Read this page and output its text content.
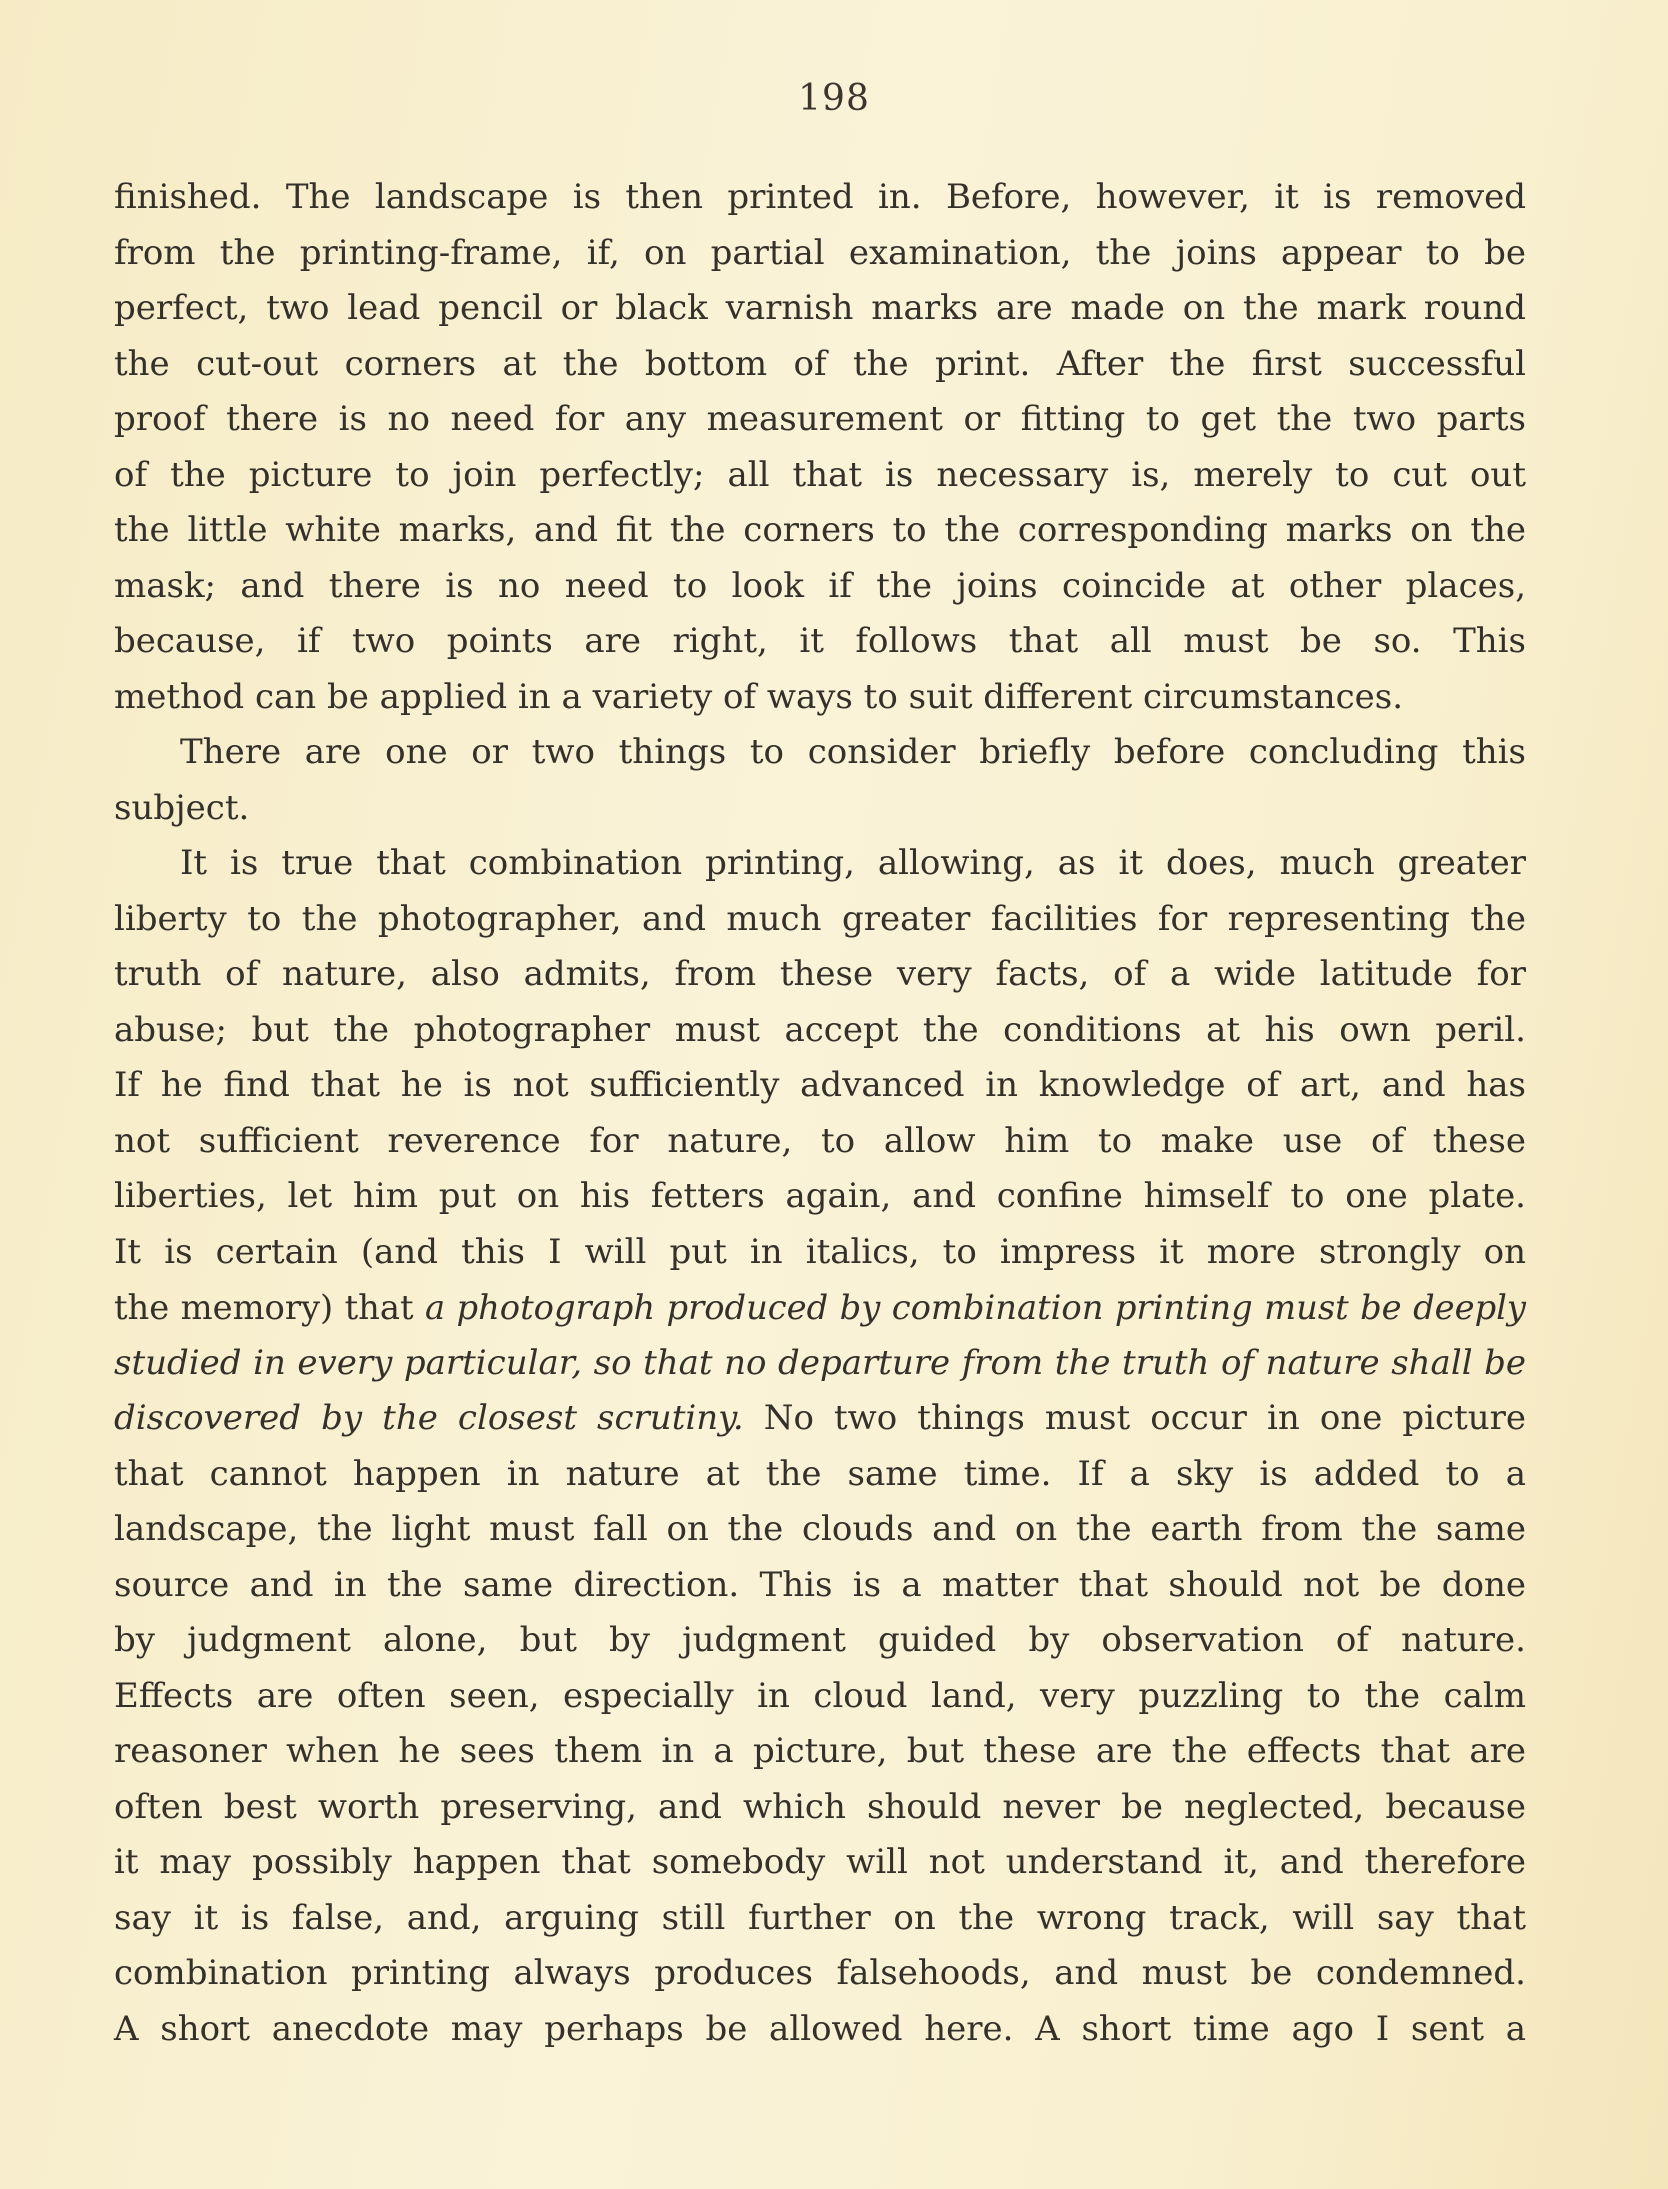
198
finished. The landscape is then printed in. Before, however, it is removed
from the printing-frame, if, on partial examination, the joins appear to be
perfect, two lead pencil or black varnish marks are made on the mark round
the cut-out corners at the bottom of the print. After the first successful
proof there is no need for any measurement or fitting to get the two parts
of the picture to join perfectly; all that is necessary is, merely to cut out
the little white marks, and fit the corners to the corresponding marks on the
mask; and there is no need to look if the joins coincide at other places,
because, if two points are right, it follows that all must be so. This
method can be applied in a variety of ways to suit different circumstances.
There are one or two things to consider briefly before concluding this
subject.
It is true that combination printing, allowing, as it does, much greater
liberty to the photographer, and much greater facilities for representing the
truth of nature, also admits, from these very facts, of a wide latitude for
abuse; but the photographer must accept the conditions at his own peril.
If he find that he is not sufficiently advanced in knowledge of art, and has
not sufficient reverence for nature, to allow him to make use of these
liberties, let him put on his fetters again, and confine himself to one plate.
It is certain (and this I will put in italics, to impress it more strongly on
the memory) that a photograph produced by combination printing must be deeply
studied in every particular, so that no departure from the truth of nature shall be
discovered by the closest scrutiny. No two things must occur in one picture
that cannot happen in nature at the same time. If a sky is added to a
landscape, the light must fall on the clouds and on the earth from the same
source and in the same direction. This is a matter that should not be done
by judgment alone, but by judgment guided by observation of nature.
Effects are often seen, especially in cloud land, very puzzling to the calm
reasoner when he sees them in a picture, but these are the effects that are
often best worth preserving, and which should never be neglected, because
it may possibly happen that somebody will not understand it, and therefore
say it is false, and, arguing still further on the wrong track, will say that
combination printing always produces falsehoods, and must be condemned.
A short anecdote may perhaps be allowed here. A short time ago I sent a
